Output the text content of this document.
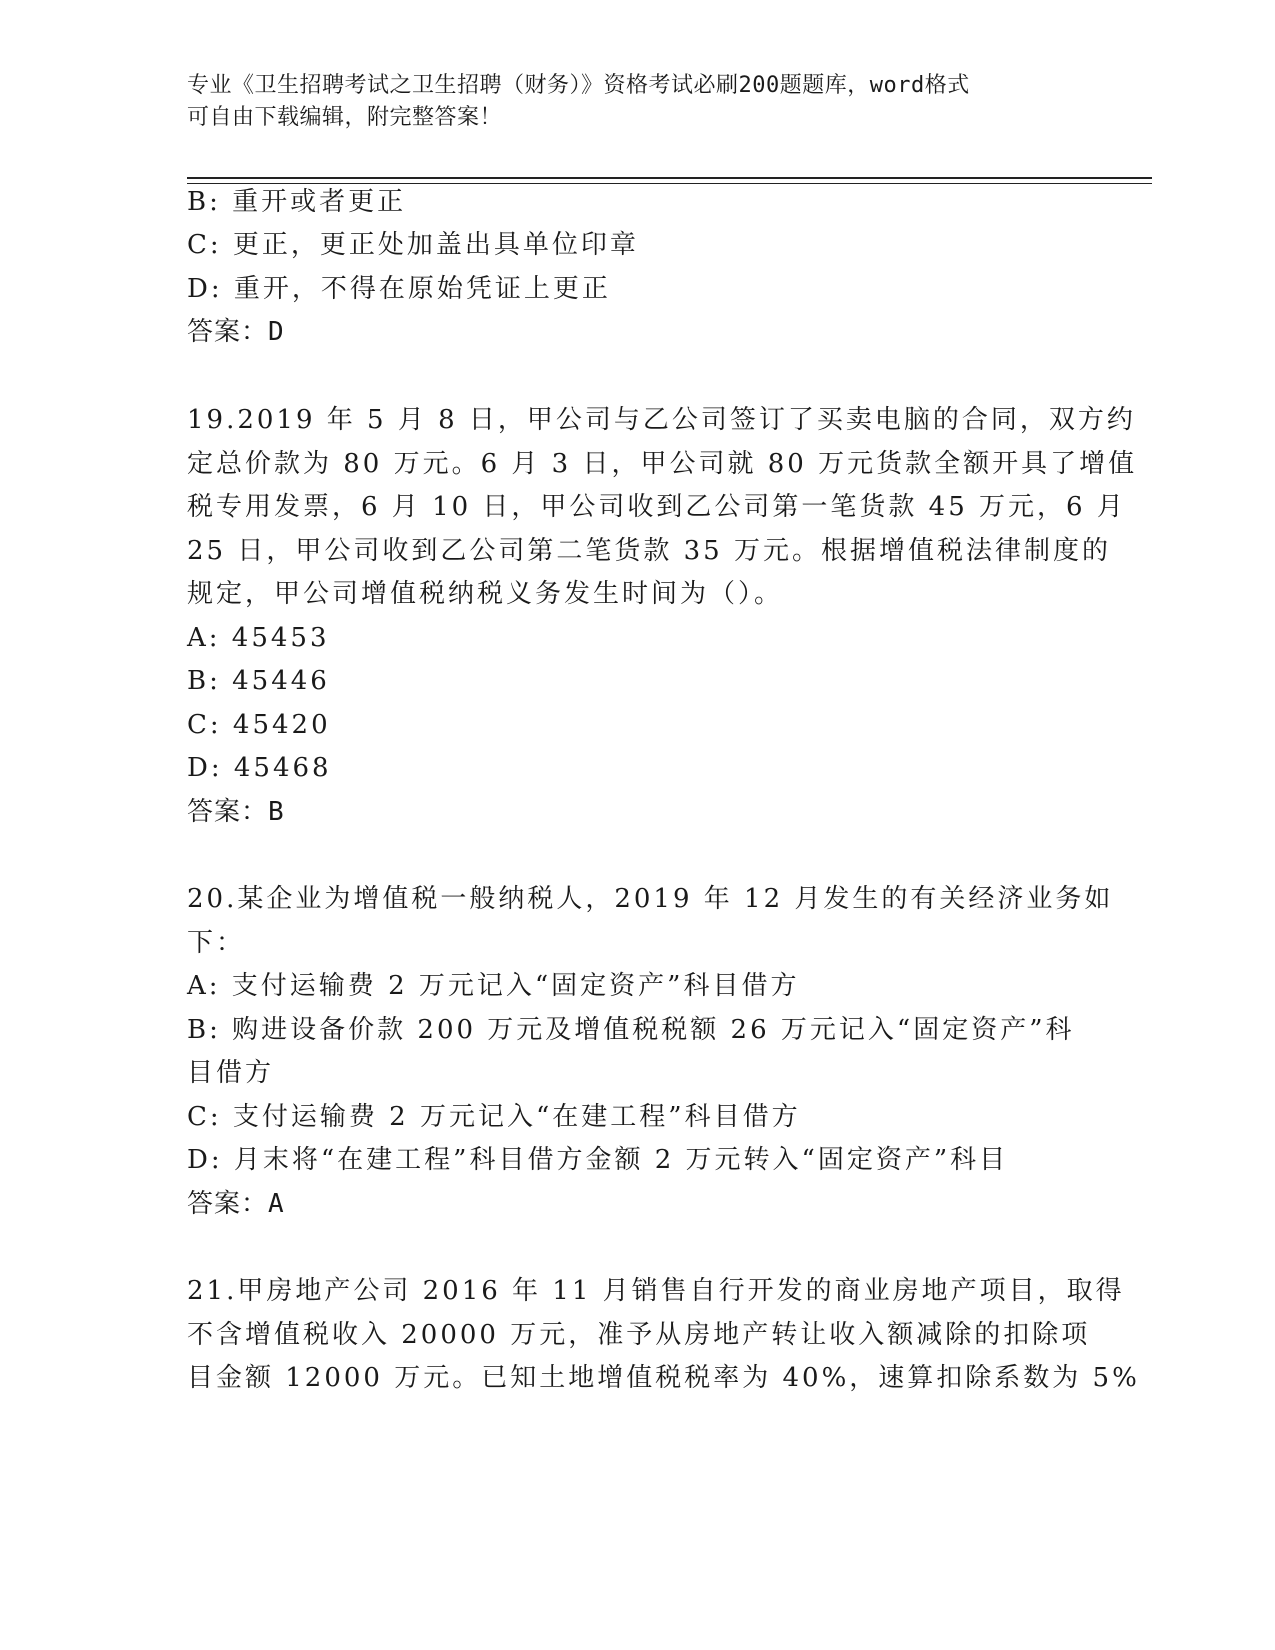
专业《卫生招聘考试之卫生招聘（财务）》资格考试必刷200题题库，word格式
可自由下载编辑，附完整答案！
B: 重开或者更正
C: 更正，更正处加盖出具单位印章
D: 重开，不得在原始凭证上更正
答案：D
19.2019 年 5 月 8 日，甲公司与乙公司签订了买卖电脑的合同，双方约
定总价款为 80 万元。6 月 3 日，甲公司就 80 万元货款全额开具了增值
税专用发票，6 月 10 日，甲公司收到乙公司第一笔货款 45 万元，6 月
25 日，甲公司收到乙公司第二笔货款 35 万元。根据增值税法律制度的
规定，甲公司增值税纳税义务发生时间为（）。
A: 45453
B: 45446
C: 45420
D: 45468
答案：B
20.某企业为增值税一般纳税人，2019 年 12 月发生的有关经济业务如
下：
A: 支付运输费 2 万元记入“固定资产”科目借方
B: 购进设备价款 200 万元及增值税税额 26 万元记入“固定资产”科
目借方
C: 支付运输费 2 万元记入“在建工程”科目借方
D: 月末将“在建工程”科目借方金额 2 万元转入“固定资产”科目
答案：A
21.甲房地产公司 2016 年 11 月销售自行开发的商业房地产项目，取得
不含增值税收入 20000 万元，准予从房地产转让收入额减除的扣除项
目金额 12000 万元。已知土地增值税税率为 40%，速算扣除系数为 5%
